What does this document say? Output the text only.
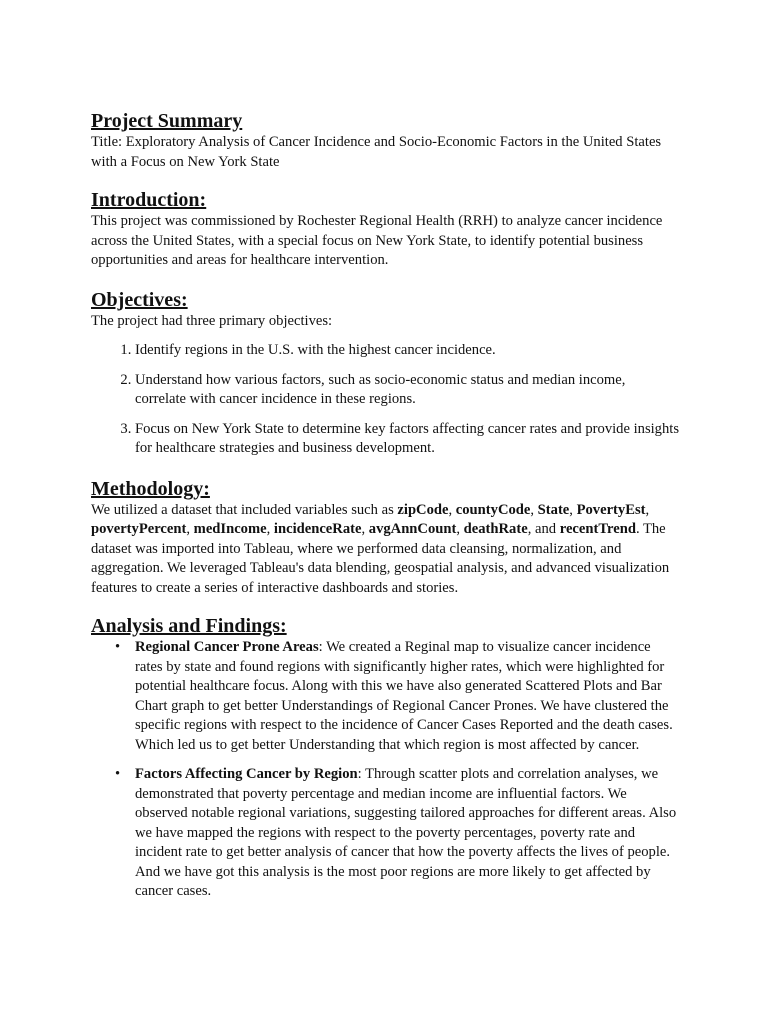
Project Summary

Title: Exploratory Analysis of Cancer Incidence and Socio-Economic Factors in the United States with a Focus on New York State

Introduction:

This project was commissioned by Rochester Regional Health (RRH) to analyze cancer incidence across the United States, with a special focus on New York State, to identify potential business opportunities and areas for healthcare intervention.

Objectives:

The project had three primary objectives:

1. Identify regions in the U.S. with the highest cancer incidence.
2. Understand how various factors, such as socio-economic status and median income, correlate with cancer incidence in these regions.
3. Focus on New York State to determine key factors affecting cancer rates and provide insights for healthcare strategies and business development.
Methodology:

We utilized a dataset that included variables such as zipCode, countyCode, State, PovertyEst, povertyPercent, medIncome, incidenceRate, avgAnnCount, deathRate, and recentTrend. The dataset was imported into Tableau, where we performed data cleansing, normalization, and aggregation. We leveraged Tableau's data blending, geospatial analysis, and advanced visualization features to create a series of interactive dashboards and stories.

Analysis and Findings:
• Regional Cancer Prone Areas: We created a Reginal map to visualize cancer incidence rates by state and found regions with significantly higher rates, which were highlighted for potential healthcare focus. Along with this we have also generated Scattered Plots and Bar Chart graph to get better Understandings of Regional Cancer Prones. We have clustered the specific regions with respect to the incidence of Cancer Cases Reported and the death cases. Which led us to get better Understanding that which region is most affected by cancer.
• Factors Affecting Cancer by Region: Through scatter plots and correlation analyses, we demonstrated that poverty percentage and median income are influential factors. We observed notable regional variations, suggesting tailored approaches for different areas. Also we have mapped the regions with respect to the poverty percentages, poverty rate and incident rate to get better analysis of cancer that how the poverty affects the lives of people. And we have got this analysis is the most poor regions are more likely to get affected by cancer cases.
